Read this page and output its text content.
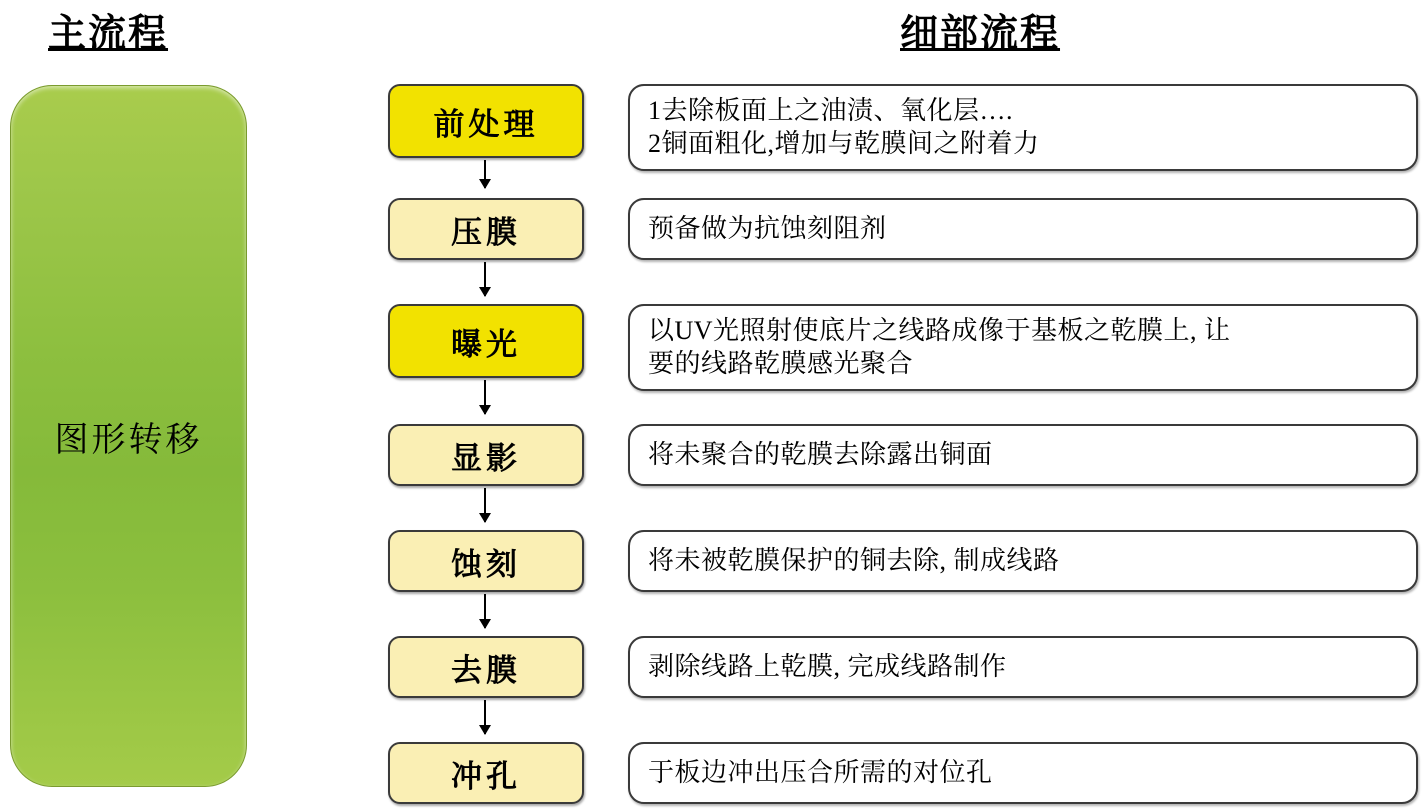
主流程	细部流程
图形转移
前处理	1去除板面上之油渍、氧化层….
2铜面粗化,增加与乾膜间之附着力
压膜	预备做为抗蚀刻阻剂
曝光	以UV光照射使底片之线路成像于基板之乾膜上, 让
要的线路乾膜感光聚合
显影	将未聚合的乾膜去除露出铜面
蚀刻	将未被乾膜保护的铜去除, 制成线路
去膜	剥除线路上乾膜, 完成线路制作
冲孔	于板边冲出压合所需的对位孔
